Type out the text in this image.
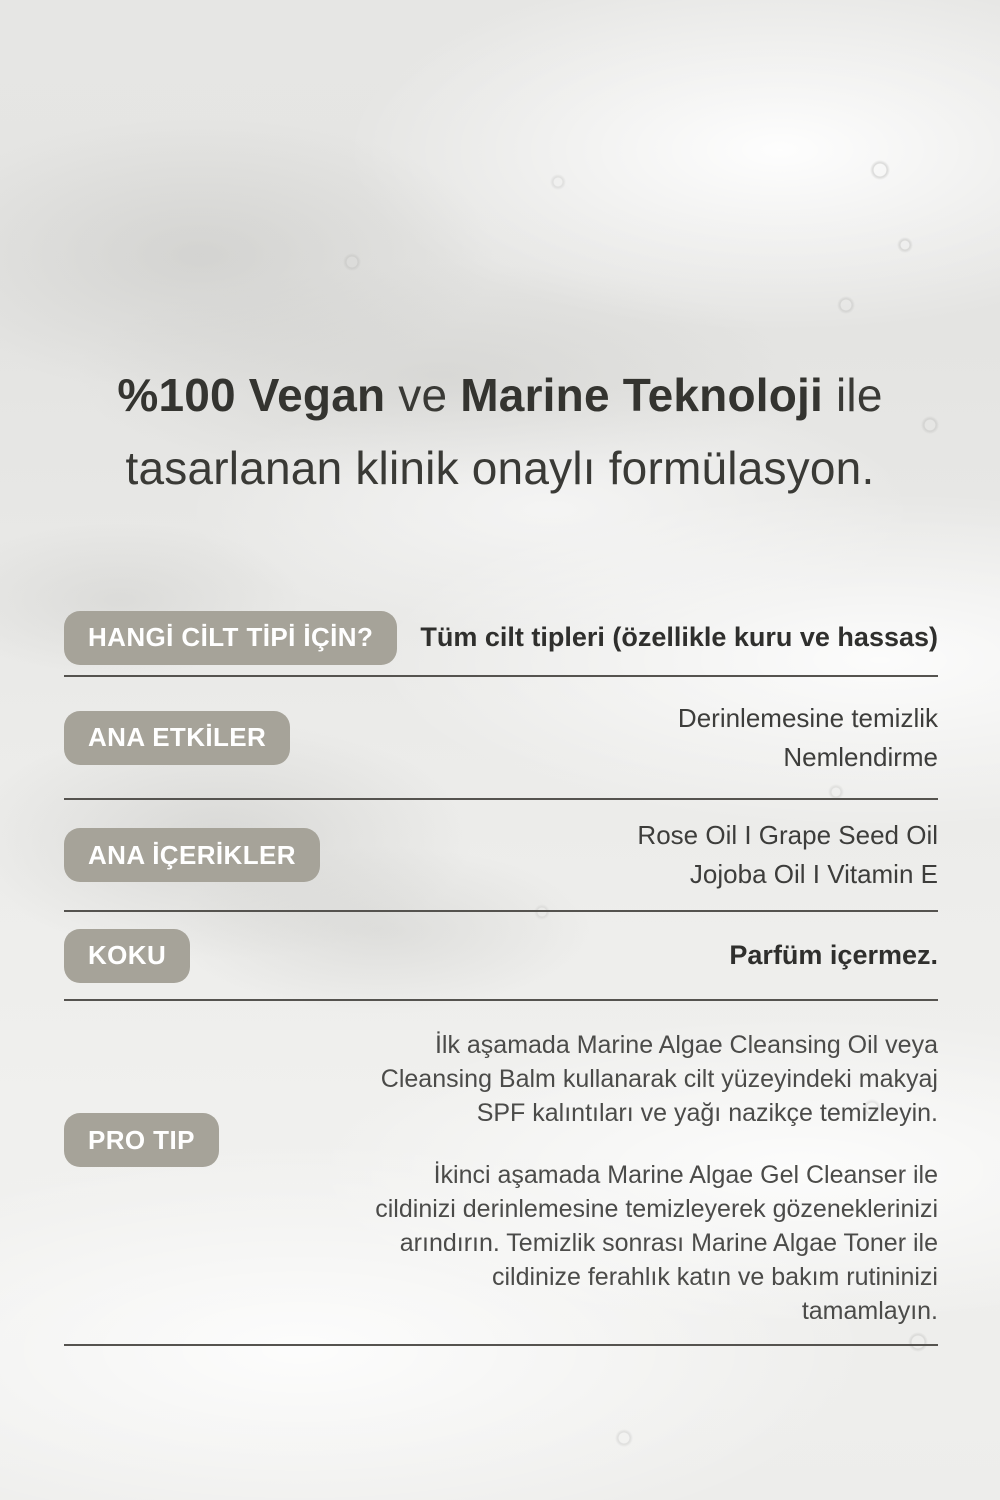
%100 Vegan ve Marine Teknoloji ile
tasarlanan klinik onaylı formülasyon.
HANGİ CİLT TİPİ İÇİN?	Tüm cilt tipleri (özellikle kuru ve hassas)
ANA ETKİLER
Derinlemesine temizlik
Nemlendirme
ANA İÇERİKLER
Rose Oil I Grape Seed Oil
Jojoba Oil I Vitamin E
KOKU	Parfüm içermez.
PRO TIP

İlk aşamada Marine Algae Cleansing Oil veya Cleansing Balm kullanarak cilt yüzeyindeki makyaj SPF kalıntıları ve yağı nazikçe temizleyin.

İkinci aşamada Marine Algae Gel Cleanser ile cildinizi derinlemesine temizleyerek gözeneklerinizi arındırın. Temizlik sonrası Marine Algae Toner ile cildinize ferahlık katın ve bakım rutininizi tamamlayın.
